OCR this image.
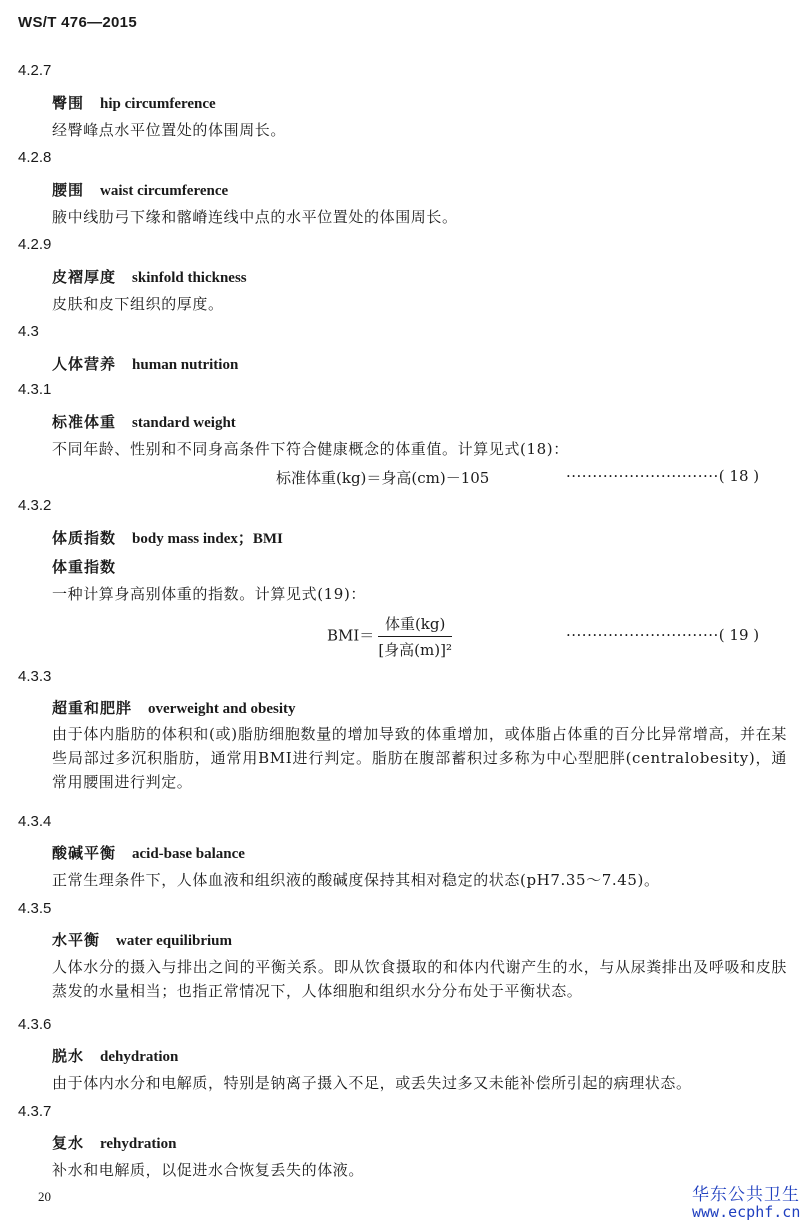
WS/T 476—2015
4.2.7
臀围 hip circumference
经臀峰点水平位置处的体围周长。
4.2.8
腰围 waist circumference
腋中线肋弓下缘和髂嵴连线中点的水平位置处的体围周长。
4.2.9
皮褶厚度 skinfold thickness
皮肤和皮下组织的厚度。
4.3
人体营养 human nutrition
4.3.1
标准体重 standard weight
不同年龄、性别和不同身高条件下符合健康概念的体重值。计算见式(18)：
标准体重(kg)＝身高(cm)－105	·····························( 18 )
4.3.2
体质指数 body mass index；BMI
体重指数
一种计算身高别体重的指数。计算见式(19)：
$BMI= \frac{\text{体重(kg)}}{\text{[身高(m)]²}}$	·····························( 19 )
4.3.3
超重和肥胖 overweight and obesity
由于体内脂肪的体积和(或)脂肪细胞数量的增加导致的体重增加，或体脂占体重的百分比异常增高，并在某些局部过多沉积脂肪，通常用BMI进行判定。脂肪在腹部蓄积过多称为中心型肥胖(centralobesity)，通常用腰围进行判定。
4.3.4
酸碱平衡 acid-base balance
正常生理条件下，人体血液和组织液的酸碱度保持其相对稳定的状态(pH7.35～7.45)。
4.3.5
水平衡 water equilibrium
人体水分的摄入与排出之间的平衡关系。即从饮食摄取的和体内代谢产生的水，与从尿粪排出及呼吸和皮肤蒸发的水量相当；也指正常情况下，人体细胞和组织水分分布处于平衡状态。
4.3.6
脱水 dehydration
由于体内水分和电解质，特别是钠离子摄入不足，或丢失过多又未能补偿所引起的病理状态。
4.3.7
复水 rehydration
补水和电解质，以促进水合恢复丢失的体液。
20	华东公共卫生
www.ecphf.cn
